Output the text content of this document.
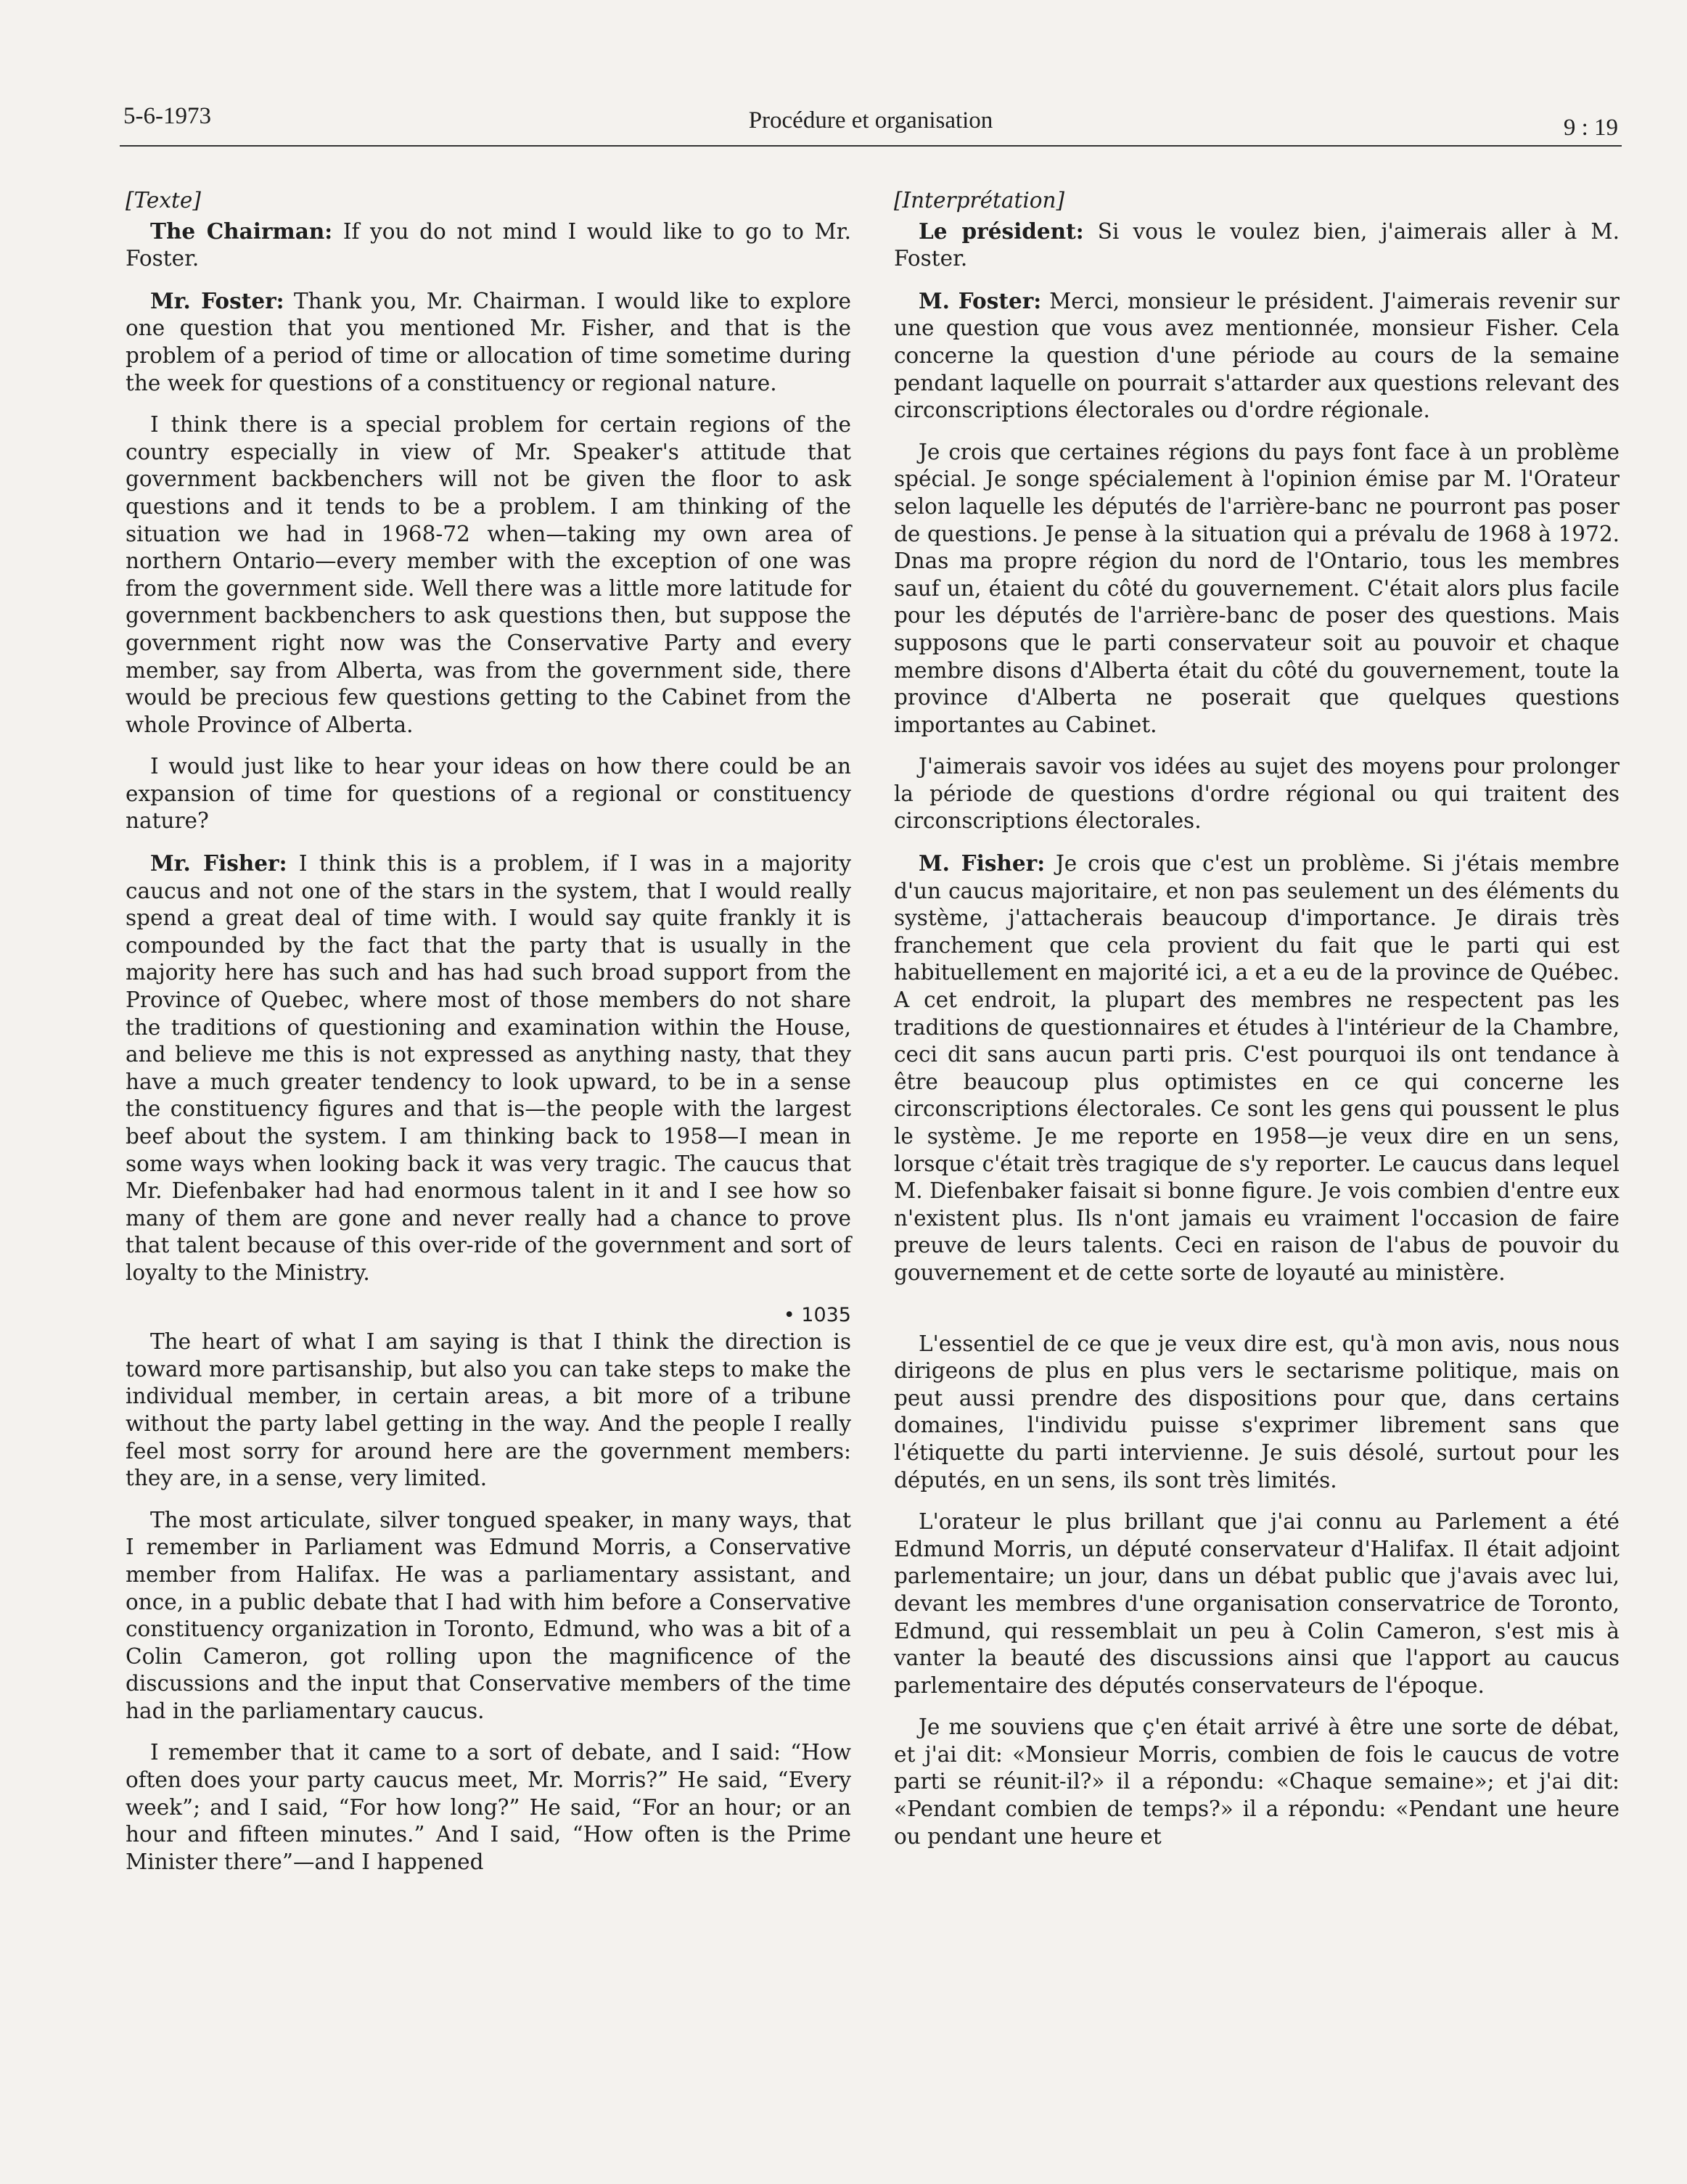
5-6-1973	Procédure et organisation	9 : 19

[Texte]

The Chairman: If you do not mind I would like to go to Mr. Foster.

Mr. Foster: Thank you, Mr. Chairman. I would like to explore one question that you mentioned Mr. Fisher, and that is the problem of a period of time or allocation of time sometime during the week for questions of a constituency or regional nature.

I think there is a special problem for certain regions of the country especially in view of Mr. Speaker's attitude that government backbenchers will not be given the floor to ask questions and it tends to be a problem. I am thinking of the situation we had in 1968-72 when—taking my own area of northern Ontario—every member with the exception of one was from the government side. Well there was a little more latitude for government backbenchers to ask questions then, but suppose the government right now was the Conservative Party and every member, say from Alberta, was from the government side, there would be precious few questions getting to the Cabinet from the whole Province of Alberta.

I would just like to hear your ideas on how there could be an expansion of time for questions of a regional or constituency nature?

Mr. Fisher: I think this is a problem, if I was in a majority caucus and not one of the stars in the system, that I would really spend a great deal of time with. I would say quite frankly it is compounded by the fact that the party that is usually in the majority here has such and has had such broad support from the Province of Quebec, where most of those members do not share the traditions of questioning and examination within the House, and believe me this is not expressed as anything nasty, that they have a much greater tendency to look upward, to be in a sense the constituency figures and that is—the people with the largest beef about the system. I am thinking back to 1958—I mean in some ways when looking back it was very tragic. The caucus that Mr. Diefenbaker had had enormous talent in it and I see how so many of them are gone and never really had a chance to prove that talent because of this over-ride of the government and sort of loyalty to the Ministry.

• 1035

The heart of what I am saying is that I think the direction is toward more partisanship, but also you can take steps to make the individual member, in certain areas, a bit more of a tribune without the party label getting in the way. And the people I really feel most sorry for around here are the government members: they are, in a sense, very limited.

The most articulate, silver tongued speaker, in many ways, that I remember in Parliament was Edmund Morris, a Conservative member from Halifax. He was a parliamentary assistant, and once, in a public debate that I had with him before a Conservative constituency organization in Toronto, Edmund, who was a bit of a Colin Cameron, got rolling upon the magnificence of the discussions and the input that Conservative members of the time had in the parliamentary caucus.

I remember that it came to a sort of debate, and I said: “How often does your party caucus meet, Mr. Morris?” He said, “Every week”; and I said, “For how long?” He said, “For an hour; or an hour and fifteen minutes.” And I said, “How often is the Prime Minister there”—and I happened

[Interprétation]

Le président: Si vous le voulez bien, j'aimerais aller à M. Foster.

M. Foster: Merci, monsieur le président. J'aimerais revenir sur une question que vous avez mentionnée, monsieur Fisher. Cela concerne la question d'une période au cours de la semaine pendant laquelle on pourrait s'attarder aux questions relevant des circonscriptions électorales ou d'ordre régionale.

Je crois que certaines régions du pays font face à un problème spécial. Je songe spécialement à l'opinion émise par M. l'Orateur selon laquelle les députés de l'arrière-banc ne pourront pas poser de questions. Je pense à la situation qui a prévalu de 1968 à 1972. Dnas ma propre région du nord de l'Ontario, tous les membres sauf un, étaient du côté du gouvernement. C'était alors plus facile pour les députés de l'arrière-banc de poser des questions. Mais supposons que le parti conservateur soit au pouvoir et chaque membre disons d'Alberta était du côté du gouvernement, toute la province d'Alberta ne poserait que quelques questions importantes au Cabinet.

J'aimerais savoir vos idées au sujet des moyens pour prolonger la période de questions d'ordre régional ou qui traitent des circonscriptions électorales.

M. Fisher: Je crois que c'est un problème. Si j'étais membre d'un caucus majoritaire, et non pas seulement un des éléments du système, j'attacherais beaucoup d'importance. Je dirais très franchement que cela provient du fait que le parti qui est habituellement en majorité ici, a et a eu de la province de Québec. A cet endroit, la plupart des membres ne respectent pas les traditions de questionnaires et études à l'intérieur de la Chambre, ceci dit sans aucun parti pris. C'est pourquoi ils ont tendance à être beaucoup plus optimistes en ce qui concerne les circonscriptions électorales. Ce sont les gens qui poussent le plus le système. Je me reporte en 1958—je veux dire en un sens, lorsque c'était très tragique de s'y reporter. Le caucus dans lequel M. Diefenbaker faisait si bonne figure. Je vois combien d'entre eux n'existent plus. Ils n'ont jamais eu vraiment l'occasion de faire preuve de leurs talents. Ceci en raison de l'abus de pouvoir du gouvernement et de cette sorte de loyauté au ministère.

L'essentiel de ce que je veux dire est, qu'à mon avis, nous nous dirigeons de plus en plus vers le sectarisme politique, mais on peut aussi prendre des dispositions pour que, dans certains domaines, l'individu puisse s'exprimer librement sans que l'étiquette du parti intervienne. Je suis désolé, surtout pour les députés, en un sens, ils sont très limités.

L'orateur le plus brillant que j'ai connu au Parlement a été Edmund Morris, un député conservateur d'Halifax. Il était adjoint parlementaire; un jour, dans un débat public que j'avais avec lui, devant les membres d'une organisation conservatrice de Toronto, Edmund, qui ressemblait un peu à Colin Cameron, s'est mis à vanter la beauté des discussions ainsi que l'apport au caucus parlementaire des députés conservateurs de l'époque.

Je me souviens que ç'en était arrivé à être une sorte de débat, et j'ai dit: «Monsieur Morris, combien de fois le caucus de votre parti se réunit-il?» il a répondu: «Chaque semaine»; et j'ai dit: «Pendant combien de temps?» il a répondu: «Pendant une heure ou pendant une heure et
